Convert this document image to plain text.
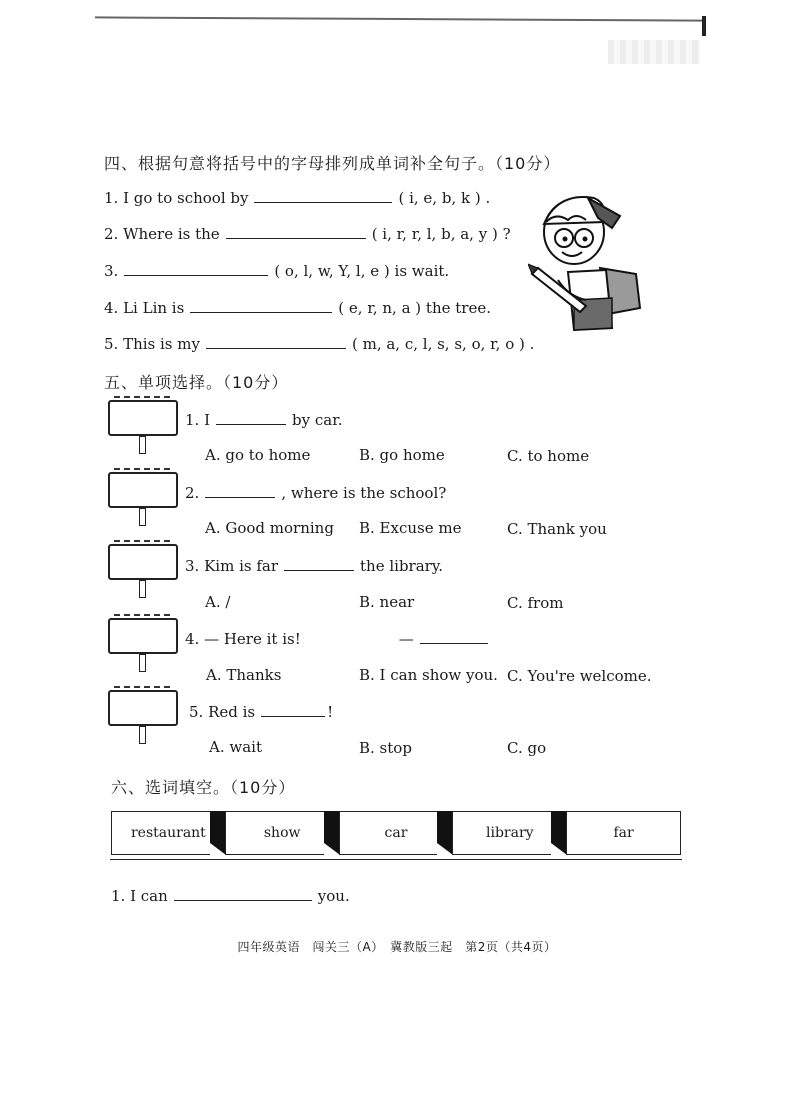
四、根据句意将括号中的字母排列成单词补全句子。（10分）
1. I go to school by	( i, e, b, k ) .
2. Where is the	( i, r, r, l, b, a, y ) ?
3.	( o, l, w, Y, l, e ) is wait.
4. Li Lin is	( e, r, n, a ) the tree.
5. This is my	( m, a, c, l, s, s, o, r, o ) .
五、单项选择。（10分）
1. I	by car.
A. go to home	B. go home	C. to home
2.	, where is the school?
A. Good morning B. Excuse me	C. Thank you
3. Kim is far	the library.
A. /	B. near	C. from
4. — Here it is!	—
A. Thanks	B. I can show you. C. You're welcome.
5. Red is	!
A. wait	B. stop	C. go
六、选词填空。（10分）
restaurant	show	car	library	far
1. I can	you.
四年级英语　闯关三（A）　冀教版三起　第2页（共4页）
